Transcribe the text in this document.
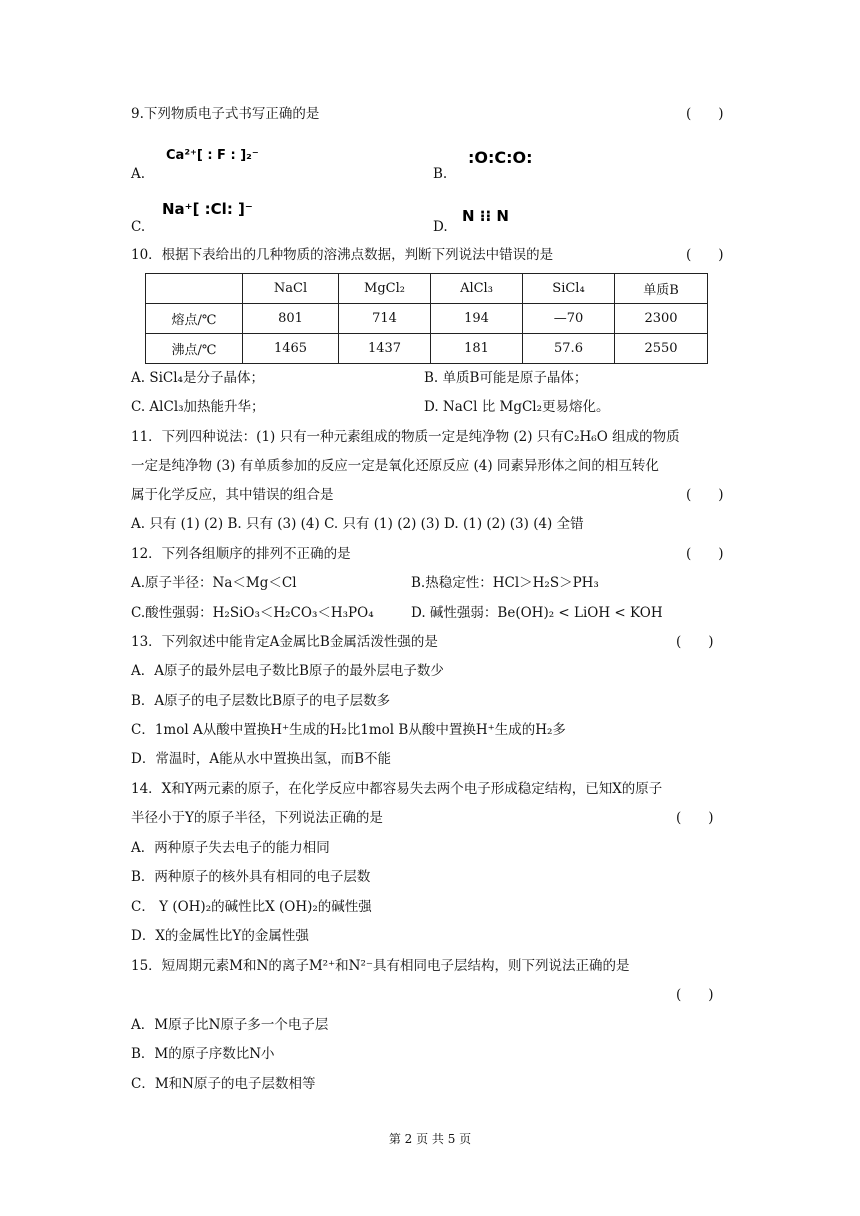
9.下列物质电子式书写正确的是	(　　)
A.
Ca²⁺[ : F : ]₂⁻
B.
:O:C:O:
C.
Na⁺[ :Cl: ]⁻
D.
N ⁝⁝ N
10．根据下表给出的几种物质的溶沸点数据，判断下列说法中错误的是	(　　)
	NaCl	MgCl₂	AlCl₃	SiCl₄	单质B
熔点/℃	801	714	194	—70	2300
沸点/℃	1465	1437	181	57.6	2550
A. SiCl₄是分子晶体；	B. 单质B可能是原子晶体；
C. AlCl₃加热能升华；	D. NaCl 比 MgCl₂更易熔化。
11．下列四种说法：(1) 只有一种元素组成的物质一定是纯净物 (2) 只有C₂H₆O 组成的物质
一定是纯净物 (3) 有单质参加的反应一定是氧化还原反应 (4) 同素异形体之间的相互转化
属于化学反应，其中错误的组合是	(　　)
A. 只有 (1) (2) B. 只有 (3) (4) C. 只有 (1) (2) (3) D. (1) (2) (3) (4) 全错
12．下列各组顺序的排列不正确的是	(　　)
A.原子半径：Na＜Mg＜Cl	B.热稳定性：HCl＞H₂S＞PH₃
C.酸性强弱：H₂SiO₃＜H₂CO₃＜H₃PO₄	D. 碱性强弱：Be(OH)₂ < LiOH < KOH
13．下列叙述中能肯定A金属比B金属活泼性强的是	(　　)
A．A原子的最外层电子数比B原子的最外层电子数少
B．A原子的电子层数比B原子的电子层数多
C．1mol A从酸中置换H⁺生成的H₂比1mol B从酸中置换H⁺生成的H₂多
D．常温时，A能从水中置换出氢，而B不能
14．X和Y两元素的原子，在化学反应中都容易失去两个电子形成稳定结构，已知X的原子
半径小于Y的原子半径，下列说法正确的是	(　　)
A．两种原子失去电子的能力相同
B．两种原子的核外具有相同的电子层数
C． Y (OH)₂的碱性比X (OH)₂的碱性强
D．X的金属性比Y的金属性强
15．短周期元素M和N的离子M²⁺和N²⁻具有相同电子层结构，则下列说法正确的是
(　　)
A．M原子比N原子多一个电子层
B．M的原子序数比N小
C．M和N原子的电子层数相等
第 2 页 共 5 页
